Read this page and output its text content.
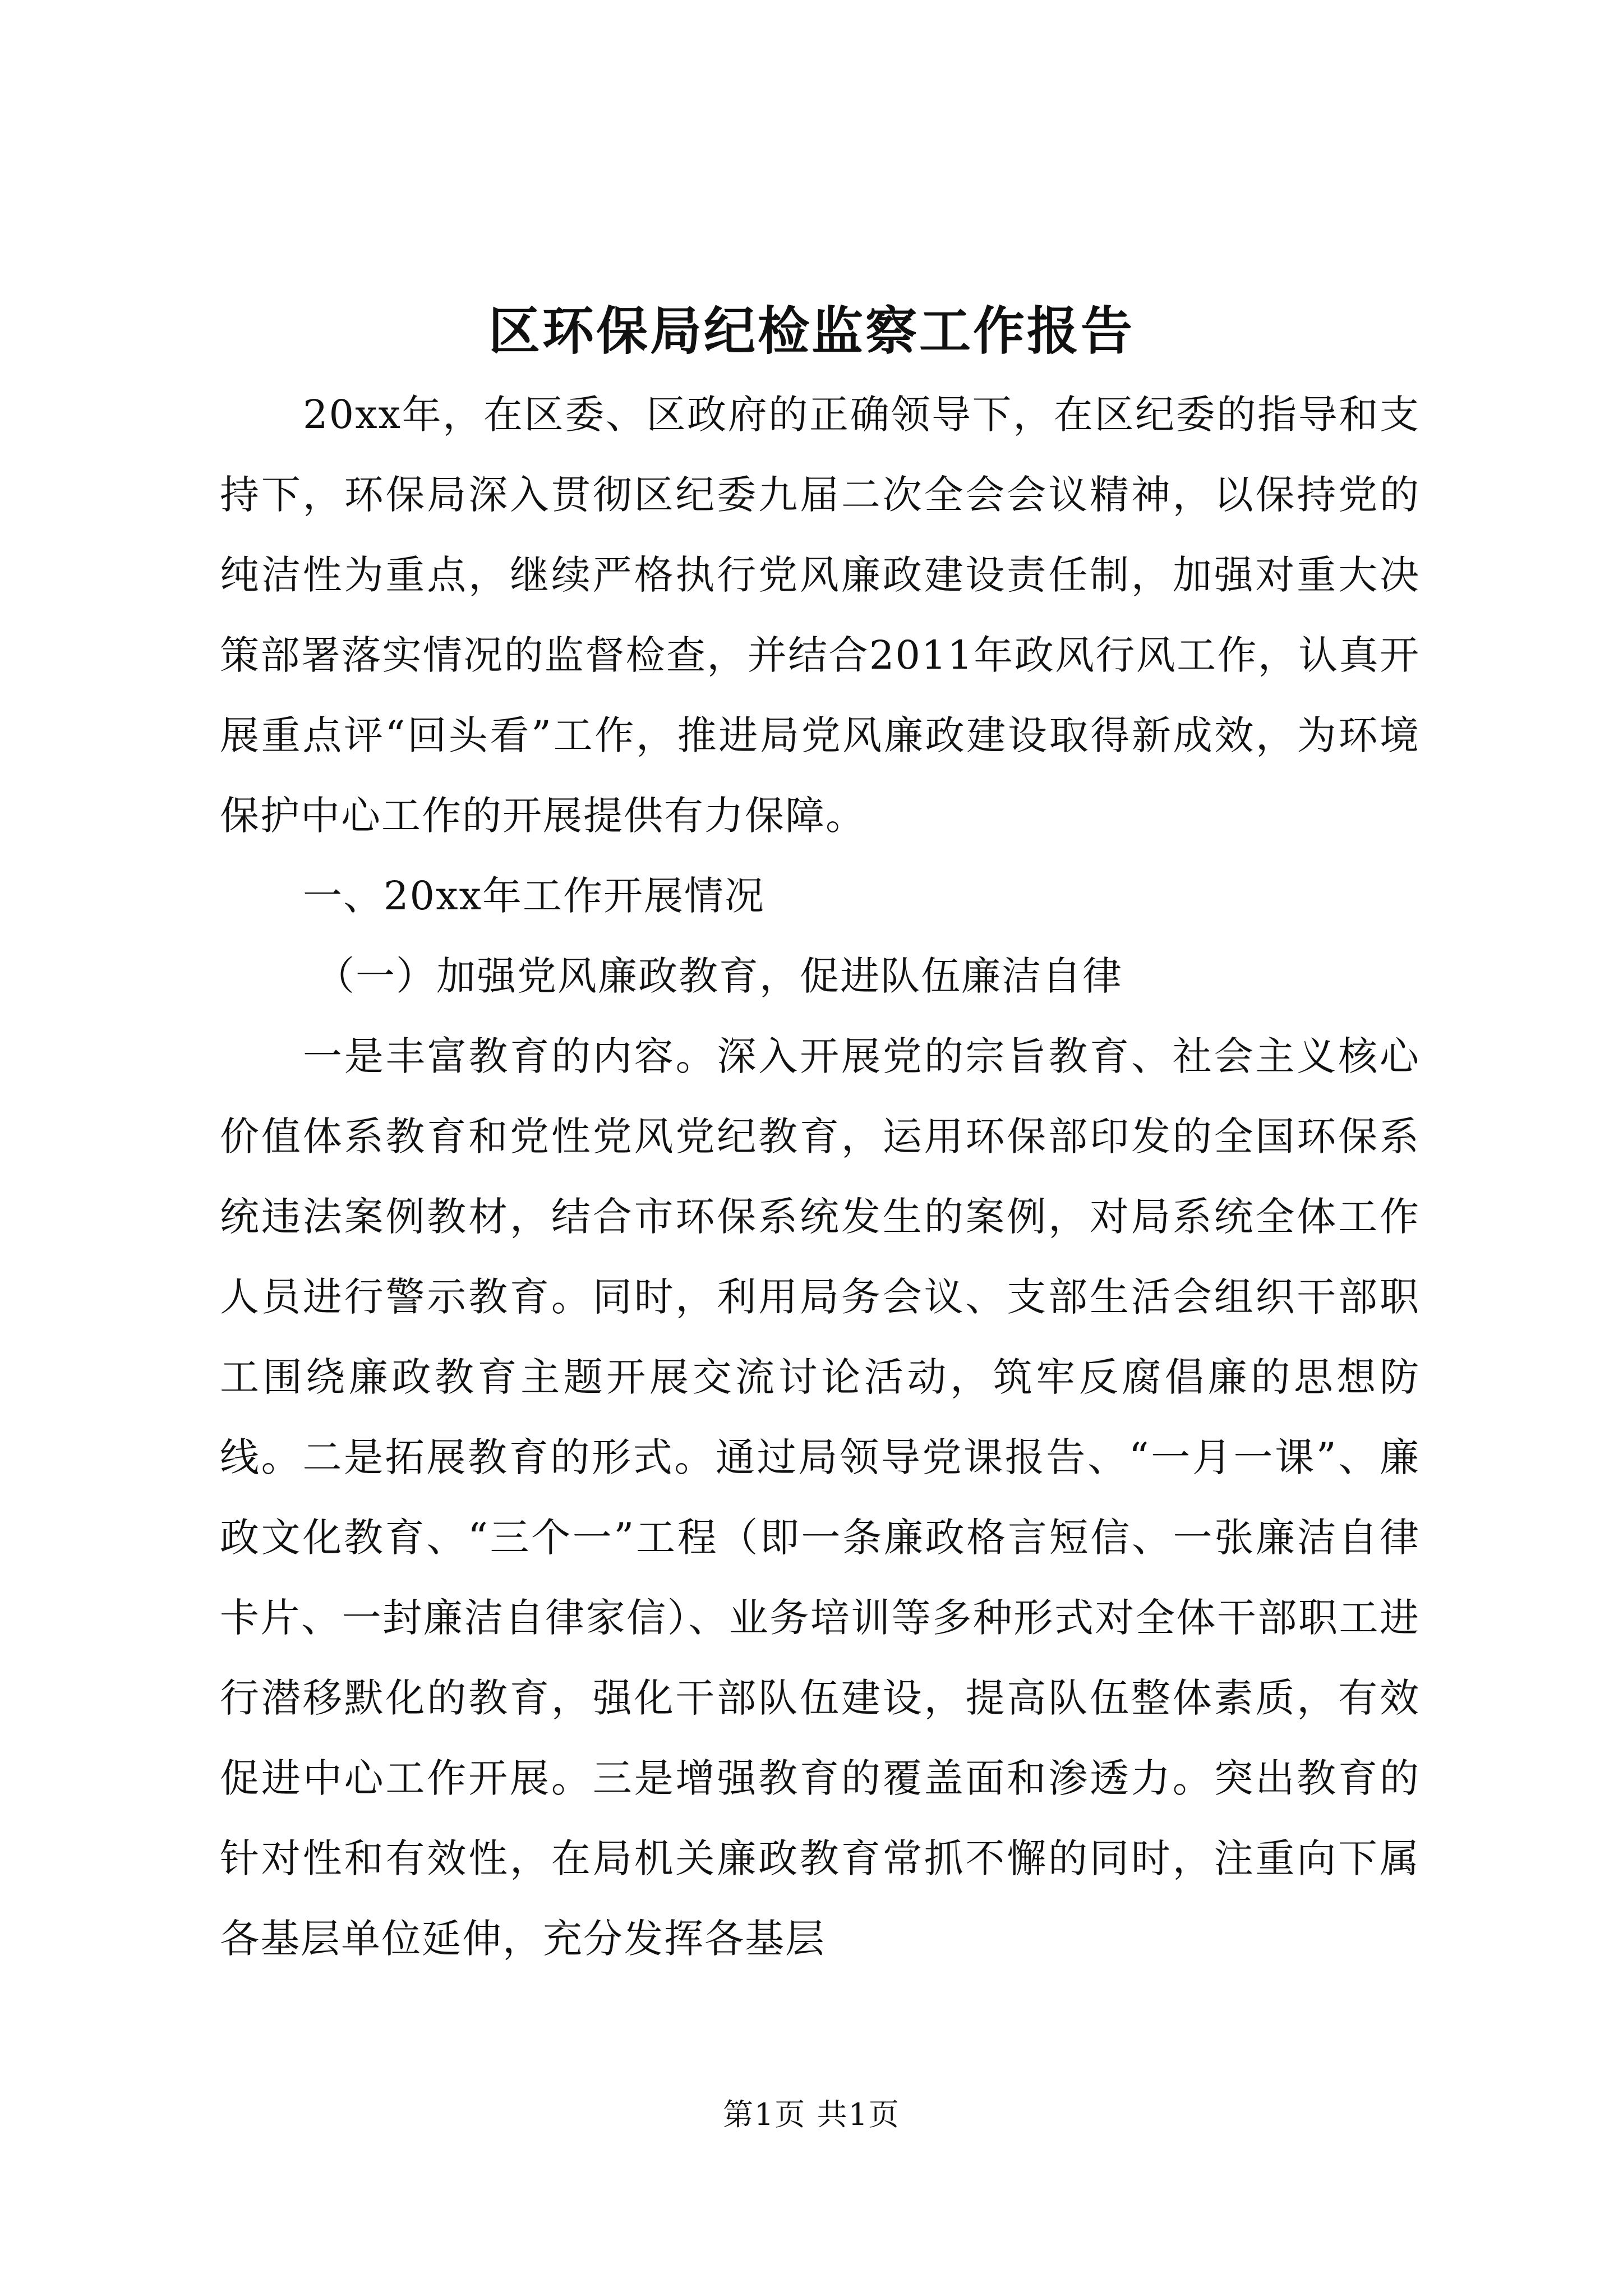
区环保局纪检监察工作报告

20xx年，在区委、区政府的正确领导下，在区纪委的指导和支持下，环保局深入贯彻区纪委九届二次全会会议精神，以保持党的纯洁性为重点，继续严格执行党风廉政建设责任制，加强对重大决策部署落实情况的监督检查，并结合2011年政风行风工作，认真开展重点评“回头看”工作，推进局党风廉政建设取得新成效，为环境保护中心工作的开展提供有力保障。

一、20xx年工作开展情况

（一）加强党风廉政教育，促进队伍廉洁自律

一是丰富教育的内容。深入开展党的宗旨教育、社会主义核心价值体系教育和党性党风党纪教育，运用环保部印发的全国环保系统违法案例教材，结合市环保系统发生的案例，对局系统全体工作人员进行警示教育。同时，利用局务会议、支部生活会组织干部职工围绕廉政教育主题开展交流讨论活动，筑牢反腐倡廉的思想防线。二是拓展教育的形式。通过局领导党课报告、“一月一课”、廉政文化教育、“三个一”工程（即一条廉政格言短信、一张廉洁自律卡片、一封廉洁自律家信）、业务培训等多种形式对全体干部职工进行潜移默化的教育，强化干部队伍建设，提高队伍整体素质，有效促进中心工作开展。三是增强教育的覆盖面和渗透力。突出教育的针对性和有效性，在局机关廉政教育常抓不懈的同时，注重向下属各基层单位延伸，充分发挥各基层

第1页 共1页
